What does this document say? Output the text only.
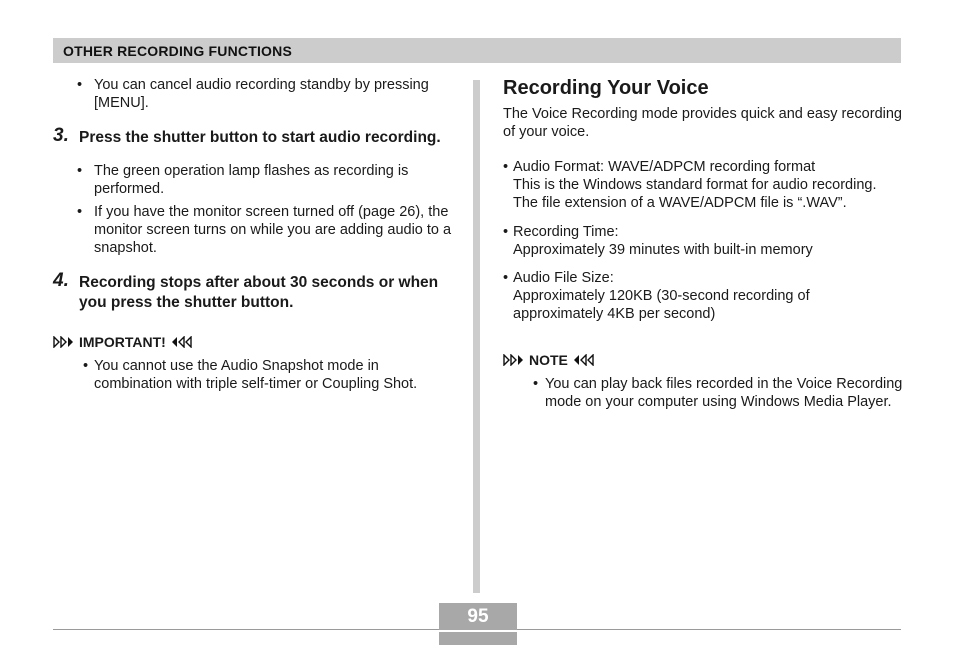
OTHER RECORDING FUNCTIONS

• You can cancel audio recording standby by pressing [MENU].

3. Press the shutter button to start audio recording.

• The green operation lamp flashes as recording is performed.

• If you have the monitor screen turned off (page 26), the monitor screen turns on while you are adding audio to a snapshot.

4. Recording stops after about 30 seconds or when you press the shutter button.
IMPORTANT!

• You cannot use the Audio Snapshot mode in combination with triple self-timer or Coupling Shot.

Recording Your Voice
The Voice Recording mode provides quick and easy recording of your voice.
• Audio Format: WAVE/ADPCM recording format
This is the Windows standard format for audio recording.
The file extension of a WAVE/ADPCM file is “.WAV”.
• Recording Time:
Approximately 39 minutes with built-in memory
• Audio File Size:
Approximately 120KB (30-second recording of
approximately 4KB per second)
NOTE
• You can play back files recorded in the Voice Recording mode on your computer using Windows Media Player.
95
